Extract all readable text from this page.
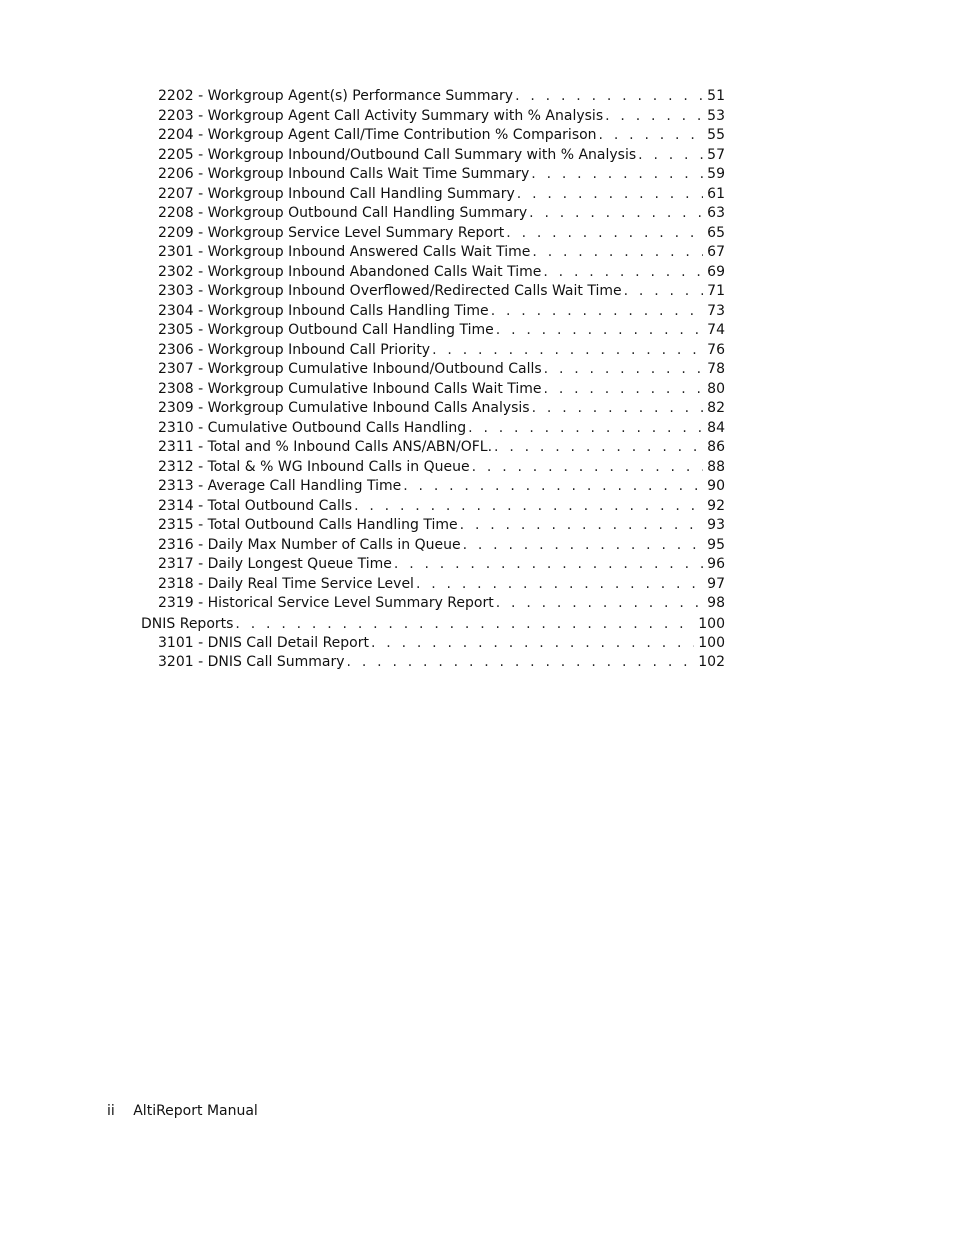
2202 - Workgroup Agent(s) Performance Summary . . .	51
2203 - Workgroup Agent Call Activity Summary with % Analysis . . .	53
2204 - Workgroup Agent Call/Time Contribution % Comparison . . .	55
2205 - Workgroup Inbound/Outbound Call Summary with % Analysis . . .	57
2206 - Workgroup Inbound Calls Wait Time Summary . . .	59
2207 - Workgroup Inbound Call Handling Summary . . .	61
2208 - Workgroup Outbound Call Handling Summary . . .	63
2209 - Workgroup Service Level Summary Report . . .	65
2301 - Workgroup Inbound Answered Calls Wait Time . . .	67
2302 - Workgroup Inbound Abandoned Calls Wait Time . . .	69
2303 - Workgroup Inbound Overflowed/Redirected Calls Wait Time . . .	71
2304 - Workgroup Inbound Calls Handling Time . . .	73
2305 - Workgroup Outbound Call Handling Time . . .	74
2306 - Workgroup Inbound Call Priority . . .	76
2307 - Workgroup Cumulative Inbound/Outbound Calls . . .	78
2308 - Workgroup Cumulative Inbound Calls Wait Time . . .	80
2309 - Workgroup Cumulative Inbound Calls Analysis . . .	82
2310 - Cumulative Outbound Calls Handling . . .	84
2311 - Total and % Inbound Calls ANS/ABN/OFL. . . .	86
2312 - Total & % WG Inbound Calls in Queue . . .	88
2313 - Average Call Handling Time . . .	90
2314 - Total Outbound Calls . . .	92
2315 - Total Outbound Calls Handling Time . . .	93
2316 - Daily Max Number of Calls in Queue . . .	95
2317 - Daily Longest Queue Time . . .	96
2318 - Daily Real Time Service Level . . .	97
2319 - Historical Service Level Summary Report . . .	98
DNIS Reports . . .	100
3101 - DNIS Call Detail Report . . .	100
3201 - DNIS Call Summary . . .	102
ii AltiReport Manual
